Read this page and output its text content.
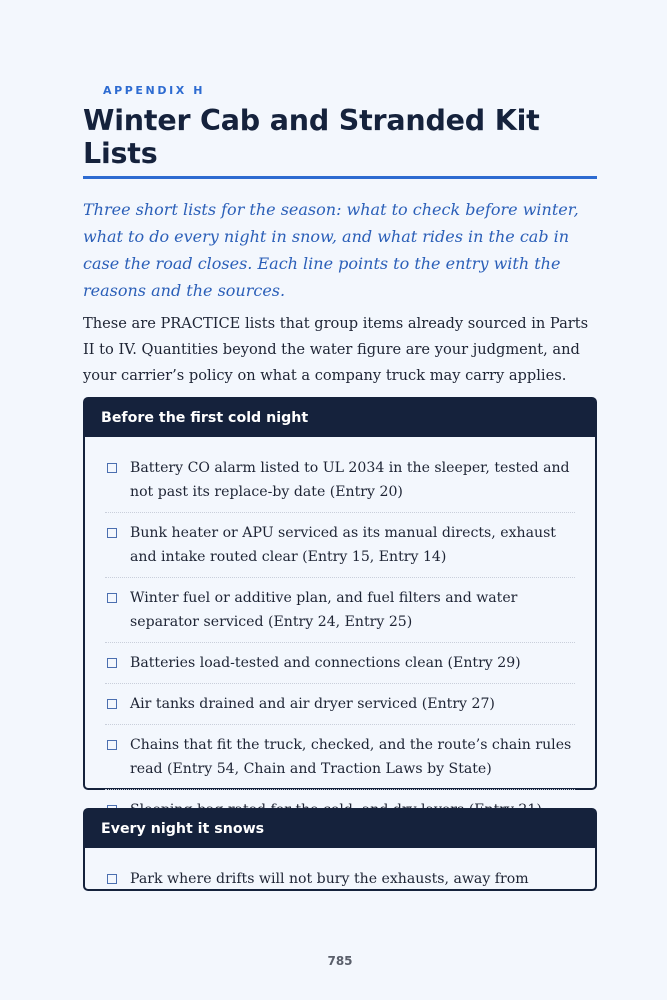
APPENDIX H
Winter Cab and Stranded Kit Lists

Three short lists for the season: what to check before winter, what to do every night in snow, and what rides in the cab in case the road closes. Each line points to the entry with the reasons and the sources.

These are PRACTICE lists that group items already sourced in Parts II to IV. Quantities beyond the water figure are your judgment, and your carrier’s policy on what a company truck may carry applies.

Before the first cold night
Battery CO alarm listed to UL 2034 in the sleeper, tested and not past its replace-by date (Entry 20)
Bunk heater or APU serviced as its manual directs, exhaust and intake routed clear (Entry 15, Entry 14)
Winter fuel or additive plan, and fuel filters and water separator serviced (Entry 24, Entry 25)
Batteries load-tested and connections clean (Entry 29)
Air tanks drained and air dryer serviced (Entry 27)
Chains that fit the truck, checked, and the route’s chain rules read (Entry 54, Chain and Traction Laws by State)
Every night it snows
Park where drifts will not bury the exhausts, away from
785
